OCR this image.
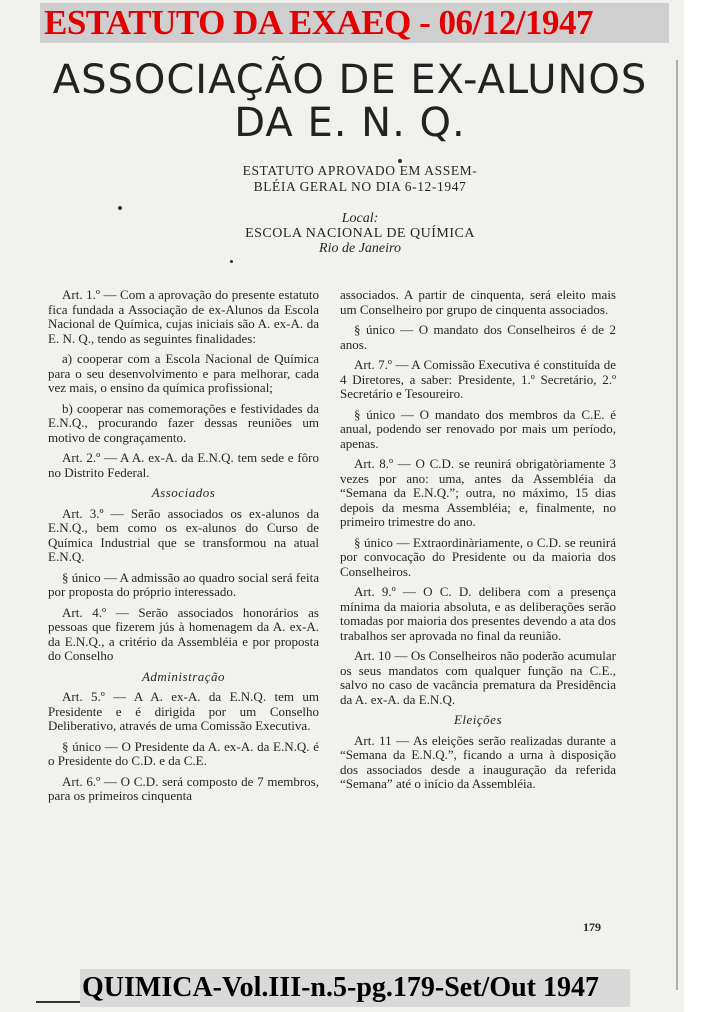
ESTATUTO DA EXAEQ - 06/12/1947
ASSOCIAÇÃO DE EX-ALUNOS
DA E. N. Q.
ESTATUTO APROVADO EM ASSEM-
BLÉIA GERAL NO DIA 6-12-1947
Local:
ESCOLA NACIONAL DE QUÍMICA
Rio de Janeiro

Art. 1.º — Com a aprovação do presente estatuto fica fundada a Associação de ex-Alunos da Escola Nacional de Química, cujas iniciais são A. ex-A. da E. N. Q., tendo as seguintes finalidades:

a) cooperar com a Escola Nacional de Química para o seu desenvolvimento e para melhorar, cada vez mais, o ensino da química profissional;

b) cooperar nas comemorações e festividades da E.N.Q., procurando fazer dessas reuniões um motivo de congraçamento.

Art. 2.º — A A. ex-A. da E.N.Q. tem sede e fôro no Distrito Federal.

Associados

Art. 3.º — Serão associados os ex-alunos da E.N.Q., bem como os ex-alunos do Curso de Química Industrial que se transformou na atual E.N.Q.

§ único — A admissão ao quadro social será feita por proposta do próprio interessado.

Art. 4.º — Serão associados honorários as pessoas que fizerem jús à homenagem da A. ex-A. da E.N.Q., a critério da Assembléia e por proposta do Conselho

Administração

Art. 5.º — A A. ex-A. da E.N.Q. tem um Presidente e é dirigida por um Conselho Deliberativo, através de uma Comissão Executiva.

§ único — O Presidente da A. ex-A. da E.N.Q. é o Presidente do C.D. e da C.E.

Art. 6.º — O C.D. será composto de 7 membros, para os primeiros cinquenta

associados. A partir de cinquenta, será eleito mais um Conselheiro por grupo de cinquenta associados.

§ único — O mandato dos Conselheiros é de 2 anos.

Art. 7.º — A Comissão Executiva é constituída de 4 Diretores, a saber: Presidente, 1.º Secretário, 2.º Secretário e Tesoureiro.

§ único — O mandato dos membros da C.E. é anual, podendo ser renovado por mais um período, apenas.

Art. 8.º — O C.D. se reunirá obrigatòriamente 3 vezes por ano: uma, antes da Assembléia da “Semana da E.N.Q.”; outra, no máximo, 15 dias depois da mesma Assembléia; e, finalmente, no primeiro trimestre do ano.

§ único — Extraordinàriamente, o C.D. se reunirá por convocação do Presidente ou da maioria dos Conselheiros.

Art. 9.º — O C. D. delibera com a presença mínima da maioria absoluta, e as deliberações serão tomadas por maioria dos presentes devendo a ata dos trabalhos ser aprovada no final da reunião.

Art. 10 — Os Conselheiros não poderão acumular os seus mandatos com qualquer função na C.E., salvo no caso de vacância prematura da Presidência da A. ex-A. da E.N.Q.

Eleições

Art. 11 — As eleições serão realizadas durante a “Semana da E.N.Q.”, ficando a urna à disposição dos associados desde a inauguração da referida “Semana” até o início da Assembléia.

179
QUIMICA-Vol.III-n.5-pg.179-Set/Out 1947
